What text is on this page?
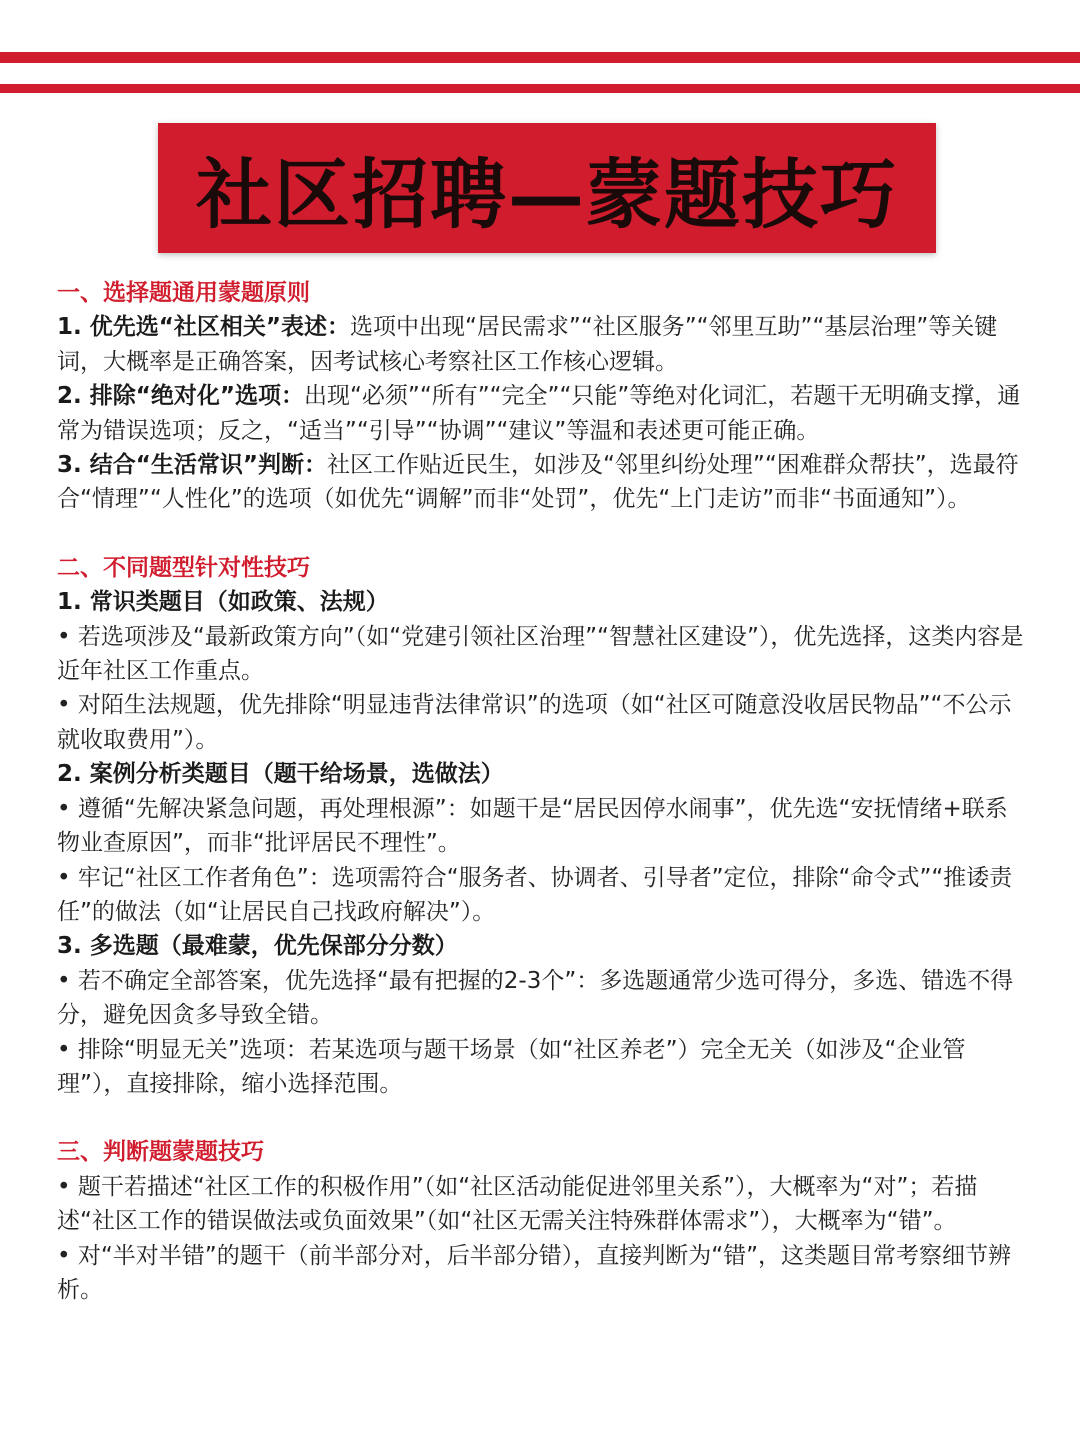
社区招聘—蒙题技巧

一、选择题通用蒙题原则

1. 优先选“社区相关”表述：选项中出现“居民需求”“社区服务”“邻里互助”“基层治理”等关键词，大概率是正确答案，因考试核心考察社区工作核心逻辑。

2. 排除“绝对化”选项：出现“必须”“所有”“完全”“只能”等绝对化词汇，若题干无明确支撑，通常为错误选项；反之，“适当”“引导”“协调”“建议”等温和表述更可能正确。

3. 结合“生活常识”判断：社区工作贴近民生，如涉及“邻里纠纷处理”“困难群众帮扶”，选最符合“情理”“人性化”的选项（如优先“调解”而非“处罚”，优先“上门走访”而非“书面通知”）。

二、不同题型针对性技巧

1. 常识类题目（如政策、法规）

• 若选项涉及“最新政策方向”（如“党建引领社区治理”“智慧社区建设”），优先选择，这类内容是近年社区工作重点。

• 对陌生法规题，优先排除“明显违背法律常识”的选项（如“社区可随意没收居民物品”“不公示就收取费用”）。

2. 案例分析类题目（题干给场景，选做法）

• 遵循“先解决紧急问题，再处理根源”：如题干是“居民因停水闹事”，优先选“安抚情绪+联系物业查原因”，而非“批评居民不理性”。

• 牢记“社区工作者角色”：选项需符合“服务者、协调者、引导者”定位，排除“命令式”“推诿责任”的做法（如“让居民自己找政府解决”）。

3. 多选题（最难蒙，优先保部分分数）

• 若不确定全部答案，优先选择“最有把握的2-3个”：多选题通常少选可得分，多选、错选不得分，避免因贪多导致全错。

• 排除“明显无关”选项：若某选项与题干场景（如“社区养老”）完全无关（如涉及“企业管理”），直接排除，缩小选择范围。

三、判断题蒙题技巧

• 题干若描述“社区工作的积极作用”（如“社区活动能促进邻里关系”），大概率为“对”；若描述“社区工作的错误做法或负面效果”（如“社区无需关注特殊群体需求”），大概率为“错”。

• 对“半对半错”的题干（前半部分对，后半部分错），直接判断为“错”，这类题目常考察细节辨析。
